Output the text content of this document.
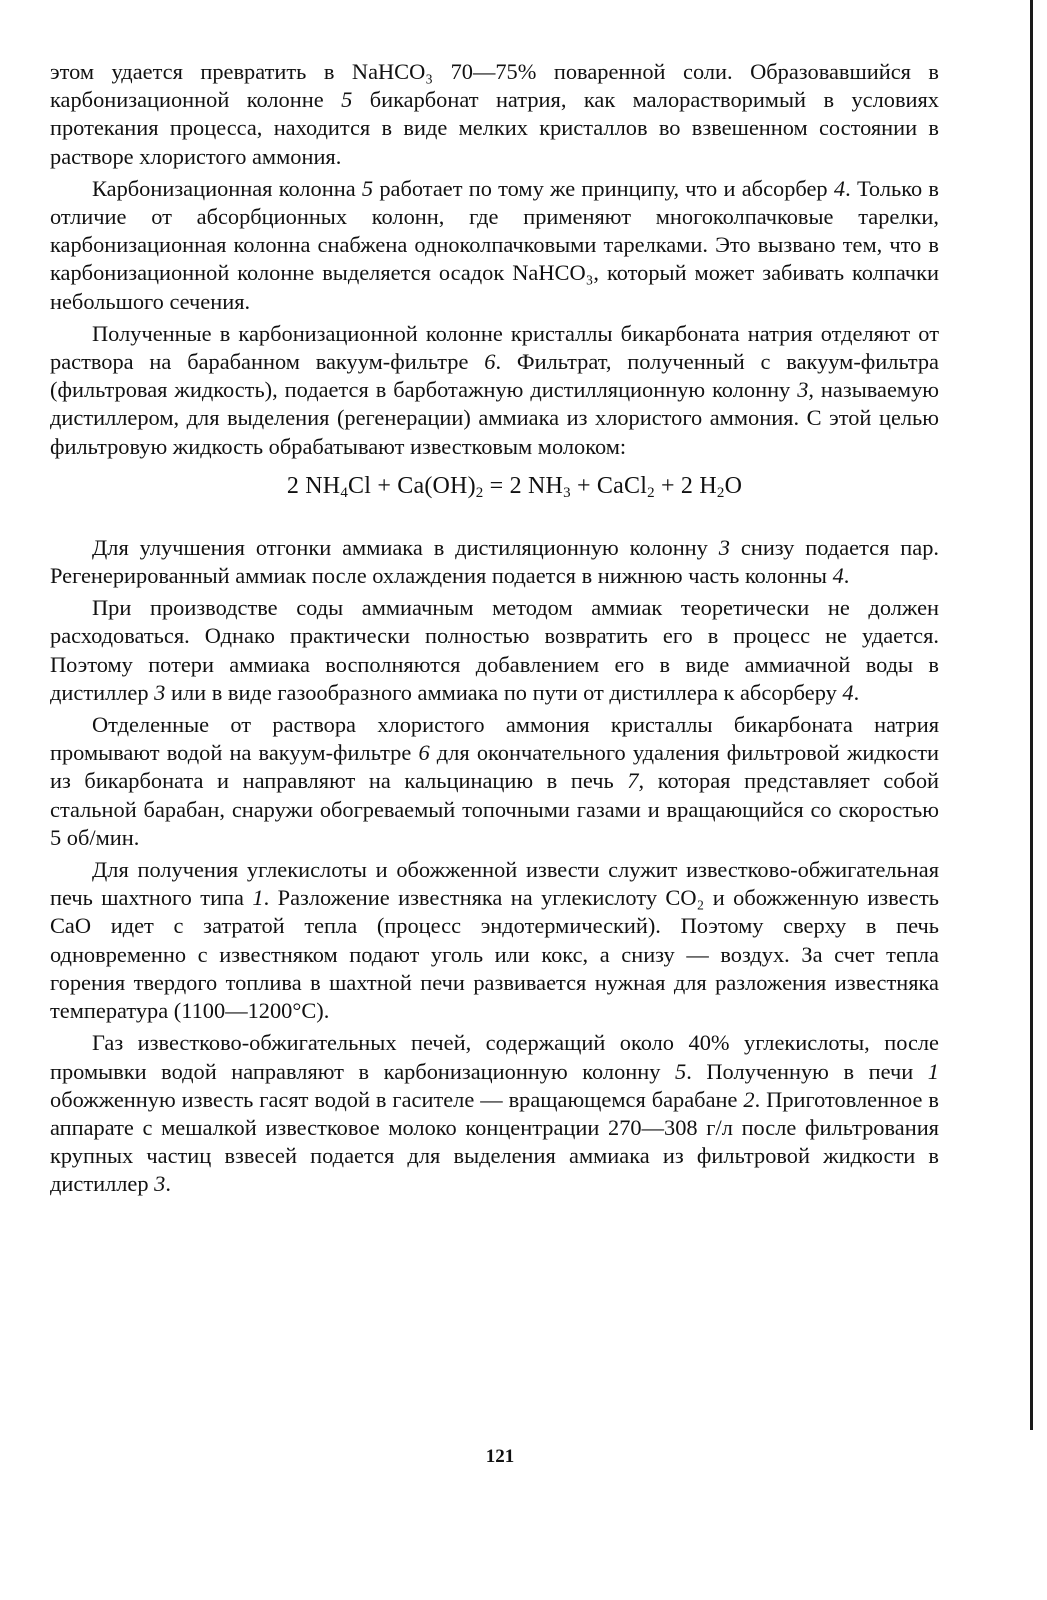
этом удается превратить в NaHCO₃ 70—75% поваренной соли. Образовавшийся в карбонизационной колонне 5 бикарбонат натрия, как малорастворимый в условиях протекания процесса, находится в виде мелких кристаллов во взвешенном состоянии в растворе хлористого аммония.

Карбонизационная колонна 5 работает по тому же принципу, что и абсорбер 4. Только в отличие от абсорбционных колонн, где применяют многоколпачковые тарелки, карбонизационная колонна снабжена одноколпачковыми тарелками. Это вызвано тем, что в карбонизационной колонне выделяется осадок NaHCO₃, который может забивать колпачки небольшого сечения.

Полученные в карбонизационной колонне кристаллы бикарбоната натрия отделяют от раствора на барабанном вакуум-фильтре 6. Фильтрат, полученный с вакуум-фильтра (фильтровая жидкость), подается в барботажную дистилляционную колонну 3, называемую дистиллером, для выделения (регенерации) аммиака из хлористого аммония. С этой целью фильтровую жидкость обрабатывают известковым молоком:

2 $NH_4Cl + Ca(OH)_2 = 2$ $NH_3$ + CaCl$_2$ + 2 $H_2O$

Для улучшения отгонки аммиака в дистиляционную колонну 3 снизу подается пар. Регенерированный аммиак после охлаждения подается в нижнюю часть колонны 4.

При производстве соды аммиачным методом аммиак теоретически не должен расходоваться. Однако практически полностью возвратить его в процесс не удается. Поэтому потери аммиака восполняются добавлением его в виде аммиачной воды в дистиллер 3 или в виде газообразного аммиака по пути от дистиллера к абсорберу 4.

Отделенные от раствора хлористого аммония кристаллы бикарбоната натрия промывают водой на вакуум-фильтре 6 для окончательного удаления фильтровой жидкости из бикарбоната и направляют на кальцинацию в печь 7, которая представляет собой стальной барабан, снаружи обогреваемый топочными газами и вращающийся со скоростью 5 об/мин.

Для получения углекислоты и обожженной извести служит известково-обжигательная печь шахтного типа 1. Разложение известняка на углекислоту CO₂ и обожженную известь CaO идет с затратой тепла (процесс эндотермический). Поэтому сверху в печь одновременно с известняком подают уголь или кокс, а снизу — воздух. За счет тепла горения твердого топлива в шахтной печи развивается нужная для разложения известняка температура (1100—1200°C).

Газ известково-обжигательных печей, содержащий около 40% углекислоты, после промывки водой направляют в карбонизационную колонну 5. Полученную в печи 1 обожженную известь гасят водой в гасителе — вращающемся барабане 2. Приготовленное в аппарате с мешалкой известковое молоко концентрации 270—308 г/л после фильтрования крупных частиц взвесей подается для выделения аммиака из фильтровой жидкости в дистиллер 3.

121
